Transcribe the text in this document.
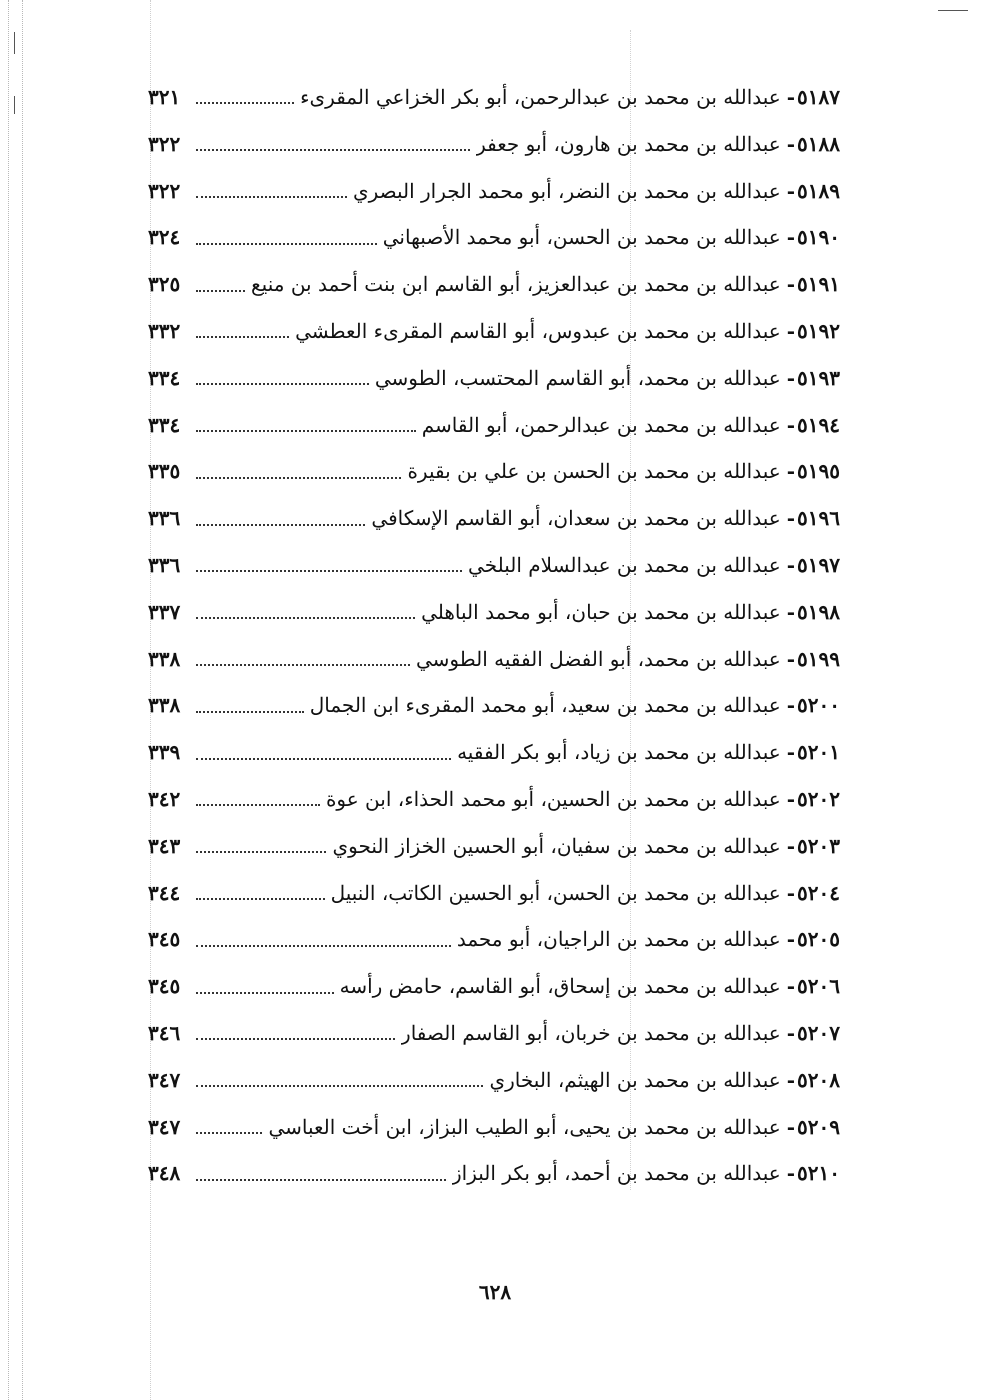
٥١٨٧
-
عبدالله بن محمد بن عبدالرحمن، أبو بكر الخزاعي المقرىء
٣٢١
٥١٨٨
-
عبدالله بن محمد بن هارون، أبو جعفر
٣٢٢
٥١٨٩
-
عبدالله بن محمد بن النضر، أبو محمد الجرار البصري
٣٢٢
٥١٩٠
-
عبدالله بن محمد بن الحسن، أبو محمد الأصبهاني
٣٢٤
٥١٩١
-
عبدالله بن محمد بن عبدالعزيز، أبو القاسم ابن بنت أحمد بن منيع
٣٢٥
٥١٩٢
-
عبدالله بن محمد بن عبدوس، أبو القاسم المقرىء العطشي
٣٣٢
٥١٩٣
-
عبدالله بن محمد، أبو القاسم المحتسب، الطوسي
٣٣٤
٥١٩٤
-
عبدالله بن محمد بن عبدالرحمن، أبو القاسم
٣٣٤
٥١٩٥
-
عبدالله بن محمد بن الحسن بن علي بن بقيرة
٣٣٥
٥١٩٦
-
عبدالله بن محمد بن سعدان، أبو القاسم الإسكافي
٣٣٦
٥١٩٧
-
عبدالله بن محمد بن عبدالسلام البلخي
٣٣٦
٥١٩٨
-
عبدالله بن محمد بن حبان، أبو محمد الباهلي
٣٣٧
٥١٩٩
-
عبدالله بن محمد، أبو الفضل الفقيه الطوسي
٣٣٨
٥٢٠٠
-
عبدالله بن محمد بن سعيد، أبو محمد المقرىء ابن الجمال
٣٣٨
٥٢٠١
-
عبدالله بن محمد بن زياد، أبو بكر الفقيه
٣٣٩
٥٢٠٢
-
عبدالله بن محمد بن الحسين، أبو محمد الحذاء، ابن عوة
٣٤٢
٥٢٠٣
-
عبدالله بن محمد بن سفيان، أبو الحسين الخزاز النحوي
٣٤٣
٥٢٠٤
-
عبدالله بن محمد بن الحسن، أبو الحسين الكاتب، النبيل
٣٤٤
٥٢٠٥
-
عبدالله بن محمد بن الراجيان، أبو محمد
٣٤٥
٥٢٠٦
-
عبدالله بن محمد بن إسحاق، أبو القاسم، حامض رأسه
٣٤٥
٥٢٠٧
-
عبدالله بن محمد بن خربان، أبو القاسم الصفار
٣٤٦
٥٢٠٨
-
عبدالله بن محمد بن الهيثم، البخاري
٣٤٧
٥٢٠٩
-
عبدالله بن محمد بن يحيى، أبو الطيب البزاز، ابن أخت العباسي
٣٤٧
٥٢١٠
-
عبدالله بن محمد بن أحمد، أبو بكر البزاز
٣٤٨
٦٢٨
